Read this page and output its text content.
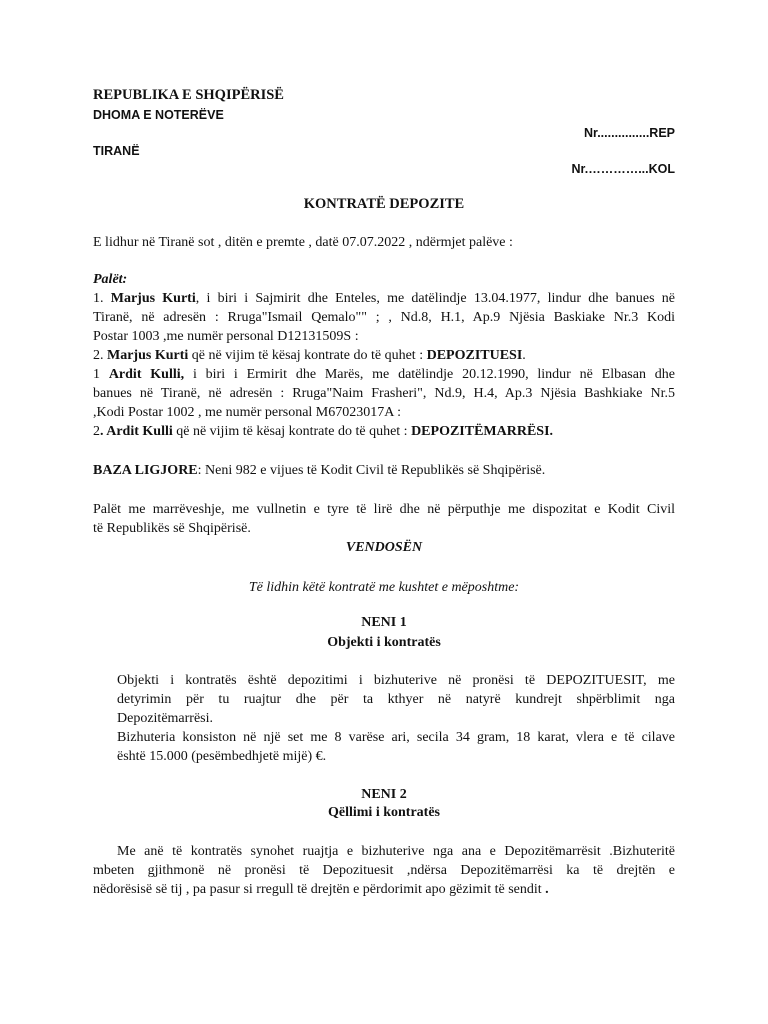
REPUBLIKA E SHQIPËRISË
DHOMA E NOTERËVE
Nr...............REP
TIRANË
Nr.…………...KOL
KONTRATË DEPOZITE
E lidhur në Tiranë sot , ditën e premte , datë 07.07.2022 , ndërmjet palëve :
Palët:
1. Marjus Kurti, i biri i Sajmirit dhe Enteles, me datëlindje 13.04.1977, lindur dhe banues në
Tiranë, në adresën : Rruga"Ismail Qemalo"" ; , Nd.8, H.1, Ap.9 Njësia Baskiake Nr.3 Kodi
Postar 1003 ,me numër personal D12131509S :
2. Marjus Kurti që në vijim të kësaj kontrate do të quhet : DEPOZITUESI.
1 Ardit Kulli, i biri i Ermirit dhe Marës, me datëlindje 20.12.1990, lindur në Elbasan dhe
banues në Tiranë, në adresën : Rruga"Naim Frasheri", Nd.9, H.4, Ap.3 Njësia Bashkiake Nr.5
,Kodi Postar 1002 , me numër personal M67023017A :
2. Ardit Kulli që në vijim të kësaj kontrate do të quhet : DEPOZITËMARRËSI.
BAZA LIGJORE: Neni 982 e vijues të Kodit Civil të Republikës së Shqipërisë.
Palët me marrëveshje, me vullnetin e tyre të lirë dhe në përputhje me dispozitat e Kodit Civil
të Republikës së Shqipërisë.
VENDOSËN
Të lidhin këtë kontratë me kushtet e mëposhtme:
NENI 1
Objekti i kontratës
Objekti i kontratës është depozitimi i bizhuterive në pronësi të DEPOZITUESIT, me
detyrimin për tu ruajtur dhe për ta kthyer në natyrë kundrejt shpërblimit nga
Depozitëmarrësi.
Bizhuteria konsiston në një set me 8 varëse ari, secila 34 gram, 18 karat, vlera e të cilave
është 15.000 (pesëmbedhjetë mijë) €.
NENI 2
Qëllimi i kontratës
Me anë të kontratës synohet ruajtja e bizhuterive nga ana e Depozitëmarrësit .Bizhuteritë
mbeten gjithmonë në pronësi të Depozituesit ,ndërsa Depozitëmarrësi ka të drejtën e
nëdorësisë së tij , pa pasur si rregull të drejtën e përdorimit apo gëzimit të sendit .
